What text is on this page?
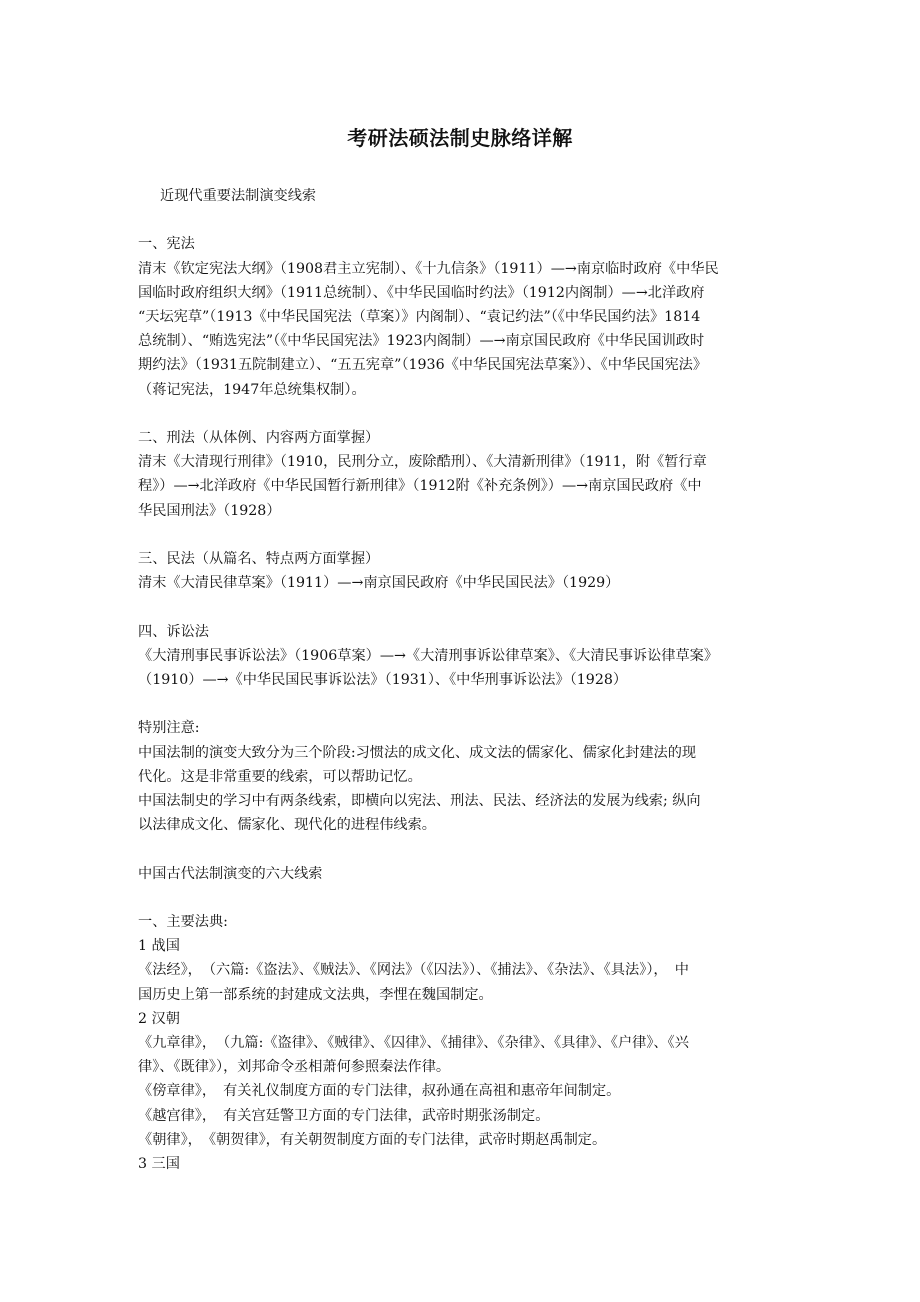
考研法硕法制史脉络详解

近现代重要法制演变线索

一、宪法

清末《钦定宪法大纲》（1908君主立宪制）、《十九信条》（1911）—→南京临时政府《中华民

国临时政府组织大纲》（1911总统制）、《中华民国临时约法》（1912内阁制）—→北洋政府

“天坛宪草”（1913《中华民国宪法（草案）》内阁制）、“袁记约法”（《中华民国约法》1814

总统制）、“贿选宪法”（《中华民国宪法》1923内阁制）—→南京国民政府《中华民国训政时

期约法》（1931五院制建立）、“五五宪章”（1936《中华民国宪法草案》）、《中华民国宪法》

（蒋记宪法，1947年总统集权制）。

二、刑法（从体例、内容两方面掌握）

清末《大清现行刑律》（1910，民刑分立，废除酷刑）、《大清新刑律》（1911，附《暂行章

程》）—→北洋政府《中华民国暂行新刑律》（1912附《补充条例》）—→南京国民政府《中

华民国刑法》（1928）

三、民法（从篇名、特点两方面掌握）

清末《大清民律草案》（1911）—→南京国民政府《中华民国民法》（1929）

四、诉讼法

《大清刑事民事诉讼法》（1906草案）—→《大清刑事诉讼律草案》、《大清民事诉讼律草案》

（1910）—→《中华民国民事诉讼法》（1931）、《中华刑事诉讼法》（1928）

特别注意:

中国法制的演变大致分为三个阶段:习惯法的成文化、成文法的儒家化、儒家化封建法的现

代化。这是非常重要的线索，可以帮助记忆。

中国法制史的学习中有两条线索，即横向以宪法、刑法、民法、经济法的发展为线索; 纵向

以法律成文化、儒家化、现代化的进程伟线索。

中国古代法制演变的六大线索

一、主要法典:

1 战国

《法经》，　（六篇:《盗法》、《贼法》、《网法》（《囚法》）、《捕法》、《杂法》、《具法》），　中

国历史上第一部系统的封建成文法典，李悝在魏国制定。

2 汉朝

《九章律》，　（九篇:《盗律》、《贼律》、《囚律》、《捕律》、《杂律》、《具律》、《户律》、《兴

律》、《既律》），刘邦命令丞相萧何参照秦法作律。

《傍章律》，　有关礼仪制度方面的专门法律，叔孙通在高祖和惠帝年间制定。

《越宫律》，　有关宫廷警卫方面的专门法律，武帝时期张汤制定。

《朝律》，　《朝贺律》，有关朝贺制度方面的专门法律，武帝时期赵禹制定。

3 三国
